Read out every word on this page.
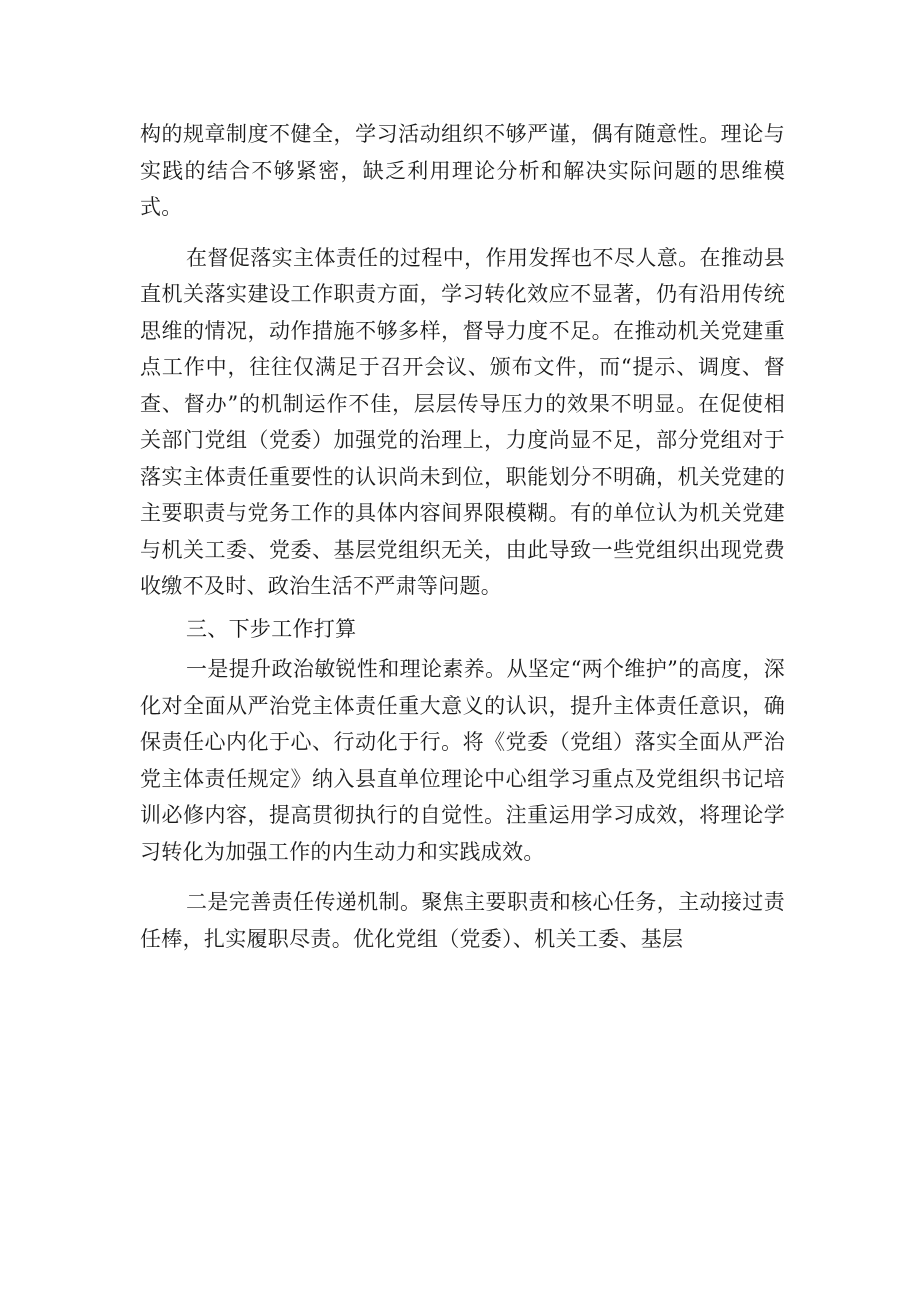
构的规章制度不健全，学习活动组织不够严谨，偶有随意性。理论与实践的结合不够紧密，缺乏利用理论分析和解决实际问题的思维模式。

在督促落实主体责任的过程中，作用发挥也不尽人意。在推动县直机关落实建设工作职责方面，学习转化效应不显著，仍有沿用传统思维的情况，动作措施不够多样，督导力度不足。在推动机关党建重点工作中，往往仅满足于召开会议、颁布文件，而“提示、调度、督查、督办”的机制运作不佳，层层传导压力的效果不明显。在促使相关部门党组（党委）加强党的治理上，力度尚显不足，部分党组对于落实主体责任重要性的认识尚未到位，职能划分不明确，机关党建的主要职责与党务工作的具体内容间界限模糊。有的单位认为机关党建与机关工委、党委、基层党组织无关，由此导致一些党组织出现党费收缴不及时、政治生活不严肃等问题。

三、下步工作打算

一是提升政治敏锐性和理论素养。从坚定“两个维护”的高度，深化对全面从严治党主体责任重大意义的认识，提升主体责任意识，确保责任心内化于心、行动化于行。将《党委（党组）落实全面从严治党主体责任规定》纳入县直单位理论中心组学习重点及党组织书记培训必修内容，提高贯彻执行的自觉性。注重运用学习成效，将理论学习转化为加强工作的内生动力和实践成效。

二是完善责任传递机制。聚焦主要职责和核心任务，主动接过责任棒，扎实履职尽责。优化党组（党委）、机关工委、基层
